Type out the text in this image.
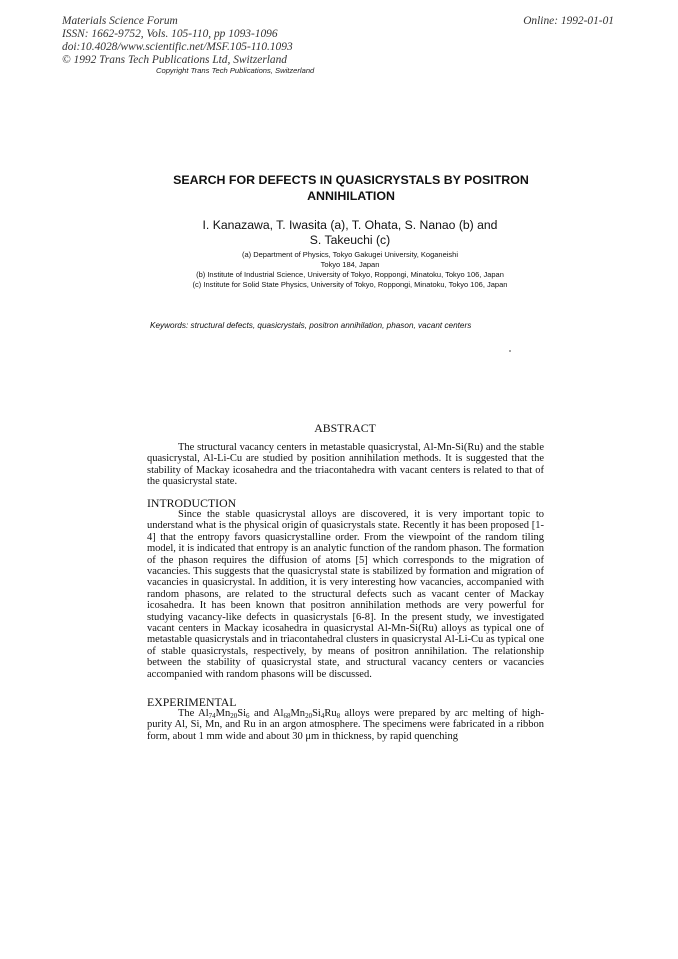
Materials Science Forum
ISSN: 1662-9752, Vols. 105-110, pp 1093-1096
doi:10.4028/www.scientific.net/MSF.105-110.1093
© 1992 Trans Tech Publications Ltd, Switzerland
Online: 1992-01-01
Copyright Trans Tech Publications, Switzerland
SEARCH FOR DEFECTS IN QUASICRYSTALS BY POSITRON
ANNIHILATION
I. Kanazawa, T. Iwasita (a), T. Ohata, S. Nanao (b) and
S. Takeuchi (c)
(a) Department of Physics, Tokyo Gakugei University, Koganeishi
Tokyo 184, Japan
(b) Institute of Industrial Science, University of Tokyo, Roppongi, Minatoku, Tokyo 106, Japan
(c) Institute for Solid State Physics, University of Tokyo, Roppongi, Minatoku, Tokyo 106, Japan
Keywords: structural defects, quasicrystals, positron annihilation, phason, vacant centers
ABSTRACT

The structural vacancy centers in metastable quasicrystal, Al-Mn-Si(Ru) and the stable quasicrystal, Al-Li-Cu are studied by position annihilation methods. It is suggested that the stability of Mackay icosahedra and the triacontahedra with vacant centers is related to that of the quasicrystal state.

INTRODUCTION

Since the stable quasicrystal alloys are discovered, it is very important topic to understand what is the physical origin of quasicrystals state. Recently it has been proposed [1-4] that the entropy favors quasicrystalline order. From the viewpoint of the random tiling model, it is indicated that entropy is an analytic function of the random phason. The formation of the phason requires the diffusion of atoms [5] which corresponds to the migration of vacancies. This suggests that the quasicrystal state is stabilized by formation and migration of vacancies in quasicrystal. In addition, it is very interesting how vacancies, accompanied with random phasons, are related to the structural defects such as vacant center of Mackay icosahedra. It has been known that positron annihilation methods are very powerful for studying vacancy-like defects in quasicrystals [6-8]. In the present study, we investigated vacant centers in Mackay icosahedra in quasicrystal Al-Mn-Si(Ru) alloys as typical one of metastable quasicrystals and in triacontahedral clusters in quasicrystal Al-Li-Cu as typical one of stable quasicrystals, respectively, by means of positron annihilation. The relationship between the stability of quasicrystal state, and structural vacancy centers or vacancies accompanied with random phasons will be discussed.

EXPERIMENTAL

The $Al_{74}Mn_{20}Si_6$ and $Al_{68}Mn_{20}Si_4Ru_8$ alloys were prepared by arc melting of high-purity Al, Si, Mn, and Ru in an argon atmosphere. The specimens were fabricated in a ribbon form, about 1 mm wide and about 30 μm in thickness, by rapid quenching
